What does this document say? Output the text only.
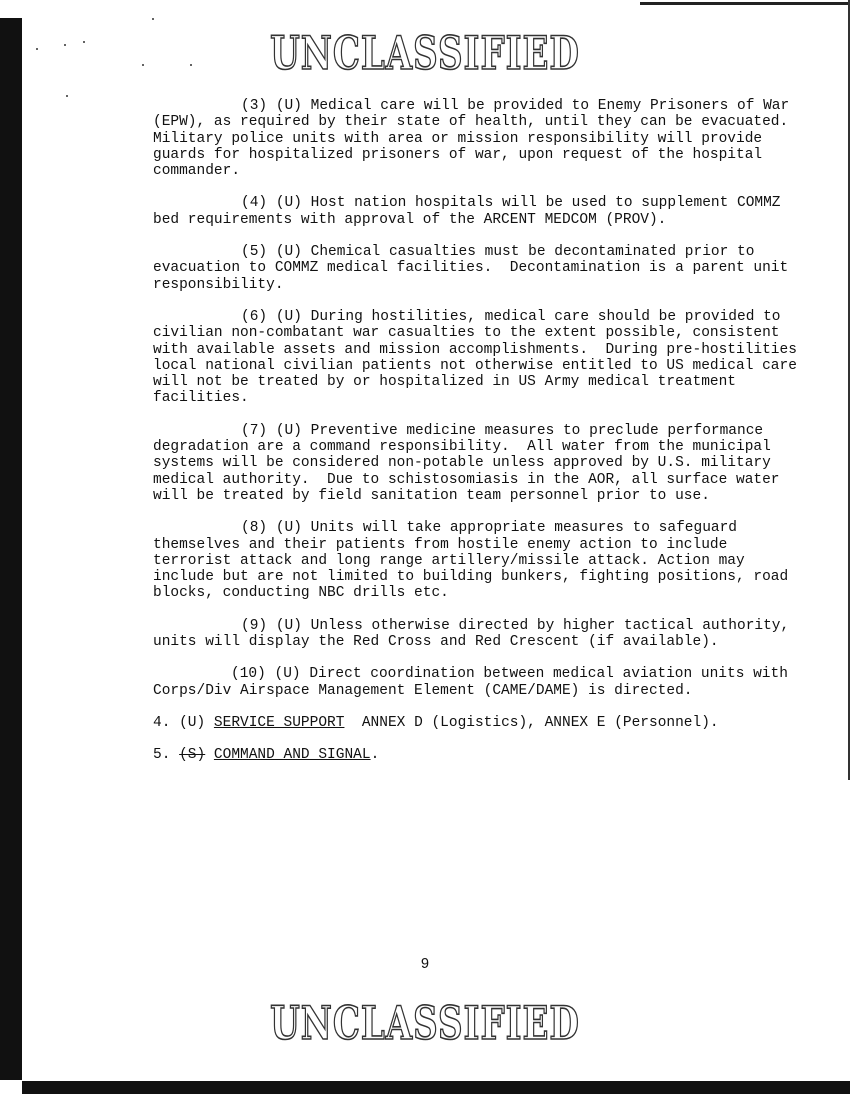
UNCLASSIFIED

(3) (U) Medical care will be provided to Enemy Prisoners of War (EPW), as required by their state of health, until they can be evacuated. Military police units with area or mission responsibility will provide guards for hospitalized prisoners of war, upon request of the hospital commander.

(4) (U) Host nation hospitals will be used to supplement COMMZ bed requirements with approval of the ARCENT MEDCOM (PROV).

(5) (U) Chemical casualties must be decontaminated prior to evacuation to COMMZ medical facilities.  Decontamination is a parent unit responsibility.

(6) (U) During hostilities, medical care should be provided to civilian non-combatant war casualties to the extent possible, consistent with available assets and mission accomplishments.  During pre-hostilities local national civilian patients not otherwise entitled to US medical care will not be treated by or hospitalized in US Army medical treatment facilities.

(7) (U) Preventive medicine measures to preclude performance degradation are a command responsibility.  All water from the municipal systems will be considered non-potable unless approved by U.S. military medical authority.  Due to schistosomiasis in the AOR, all surface water will be treated by field sanitation team personnel prior to use.

(8) (U) Units will take appropriate measures to safeguard themselves and their patients from hostile enemy action to include terrorist attack and long range artillery/missile attack. Action may include but are not limited to building bunkers, fighting positions, road blocks, conducting NBC drills etc.

(9) (U) Unless otherwise directed by higher tactical authority, units will display the Red Cross and Red Crescent (if available).

(10) (U) Direct coordination between medical aviation units with Corps/Div Airspace Management Element (CAME/DAME) is directed.

4. (U) SERVICE SUPPORT ANNEX D (Logistics), ANNEX E (Personnel).

5. (S) COMMAND AND SIGNAL.

9
UNCLASSIFIED
